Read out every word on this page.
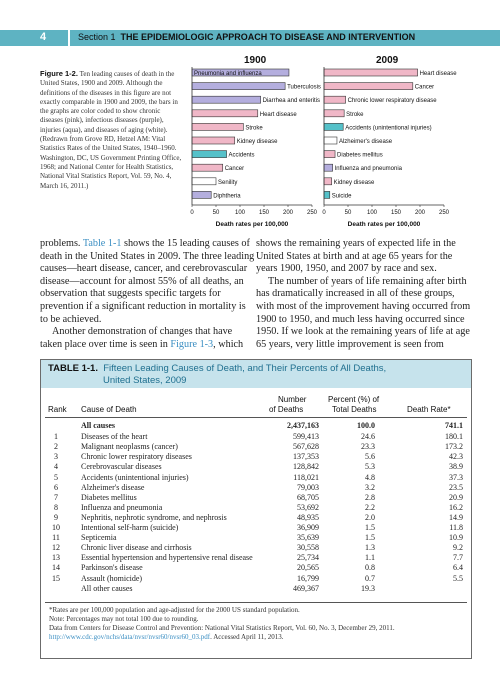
4	Section 1 THE EPIDEMIOLOGIC APPROACH TO DISEASE AND INTERVENTION
Figure 1-2. Ten leading causes of death in the United States, 1900 and 2009. Although the definitions of the diseases in this figure are not exactly comparable in 1900 and 2009, the bars in the graphs are color coded to show chronic diseases (pink), infectious diseases (purple), injuries (aqua), and diseases of aging (white). (Redrawn from Grove RD, Hetzel AM: Vital Statistics Rates of the United States, 1940–1960. Washington, DC, US Government Printing Office, 1968; and National Center for Health Statistics, National Vital Statistics Report, Vol. 59, No. 4, March 16, 2011.)
1900
Pneumonia and influenza
Tuberculosis
Diarrhea and enteritis
Heart disease
Stroke
Kidney disease
Accidents
Cancer
Senility
Diphtheria
0	50	100 150 200 250
Death rates per 100,000
2009
Heart disease
Cancer
Chronic lower respiratory disease
Stroke
Accidents (unintentional injuries)
Alzheimer's disease
Diabetes mellitus
Influenza and pneumonia
Kidney disease
Suicide
0	50	100 150 200 250
Death rates per 100,000

problems. Table 1-1 shows the 15 leading causes of death in the United States in 2009. The three leading causes—heart disease, cancer, and cerebrovascular disease—account for almost 55% of all deaths, an observation that suggests specific targets for prevention if a significant reduction in mortality is to be achieved.

Another demonstration of changes that have taken place over time is seen in Figure 1-3, which

shows the remaining years of expected life in the United States at birth and at age 65 years for the years 1900, 1950, and 2007 by race and sex.

The number of years of life remaining after birth has dramatically increased in all of these groups, with most of the improvement having occurred from 1900 to 1950, and much less having occurred since 1950. If we look at the remaining years of life at age 65 years, very little improvement is seen from

TABLE 1-1. Fifteen Leading Causes of Death, and Their Percents of All Deaths,
United States, 2009
Number
of Deaths
Percent (%) of
Total Deaths
Rank Cause of Death	Death Rate*
All causes	2,437,163	100.0	741.1
1	Diseases of the heart	599,413	24.6	180.1
2	Malignant neoplasms (cancer)	567,628	23.3	173.2
3	Chronic lower respiratory diseases	137,353	5.6	42.3
4	Cerebrovascular diseases	128,842	5.3	38.9
5	Accidents (unintentional injuries)	118,021	4.8	37.3
6	Alzheimer's disease	79,003	3.2	23.5
7	Diabetes mellitus	68,705	2.8	20.9
8	Influenza and pneumonia	53,692	2.2	16.2
9	Nephritis, nephrotic syndrome, and nephrosis	48,935	2.0	14.9
10	Intentional self-harm (suicide)	36,909	1.5	11.8
11	Septicemia	35,639	1.5	10.9
12	Chronic liver disease and cirrhosis	30,558	1.3	9.2
13	Essential hypertension and hypertensive renal disease	25,734	1.1	7.7
14	Parkinson's disease	20,565	0.8	6.4
15	Assault (homicide)	16,799	0.7	5.5
All other causes	469,367	19.3
*Rates are per 100,000 population and age-adjusted for the 2000 US standard population.
Note: Percentages may not total 100 due to rounding.
Data from Centers for Disease Control and Prevention: National Vital Statistics Report, Vol. 60, No. 3, December 29, 2011.
http://www.cdc.gov/nchs/data/nvsr/nvsr60/nvsr60_03.pdf. Accessed April 11, 2013.
